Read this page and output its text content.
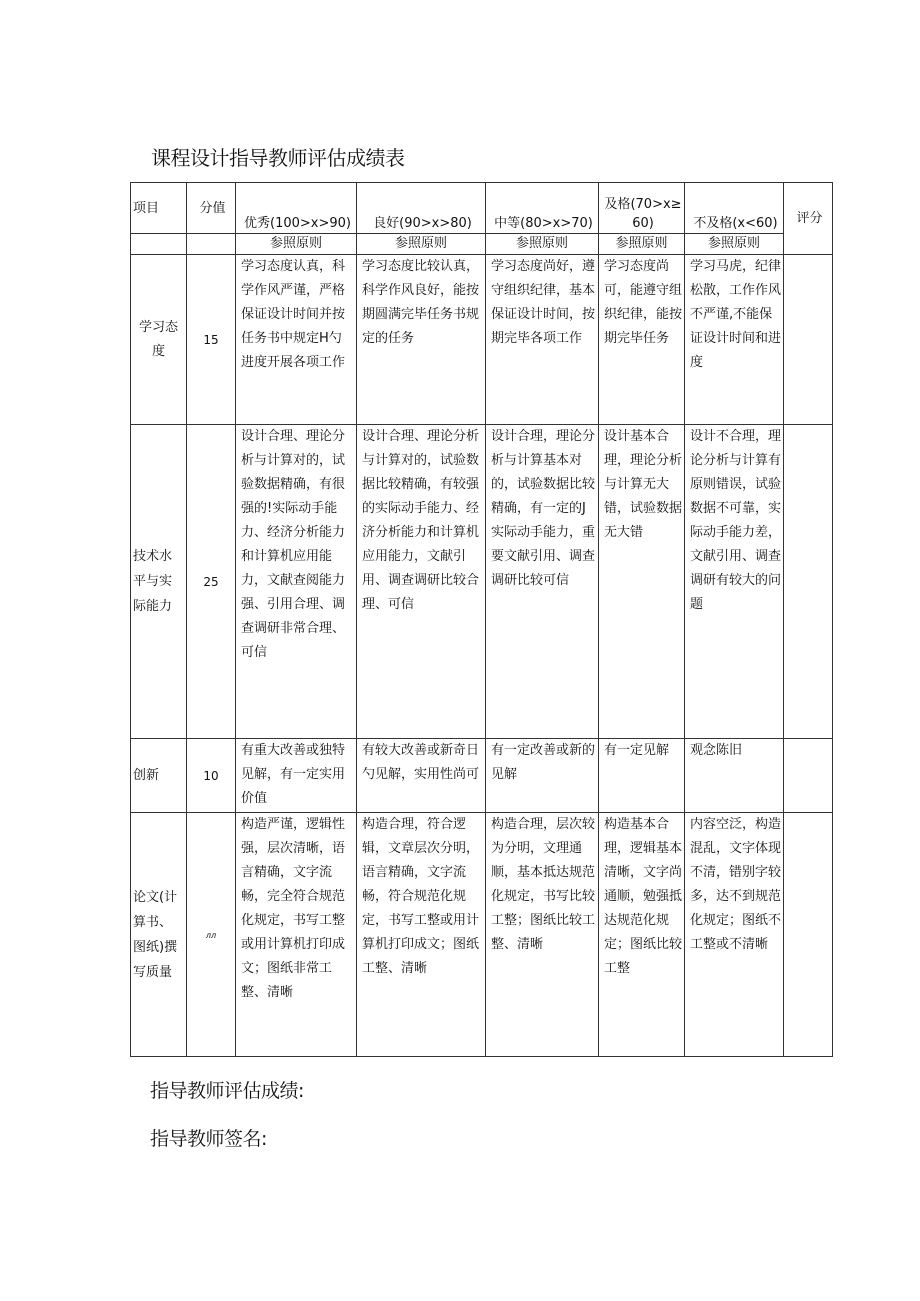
课程设计指导教师评估成绩表
项目	分值	优秀(100>x>90)	良好(90>x>80)	中等(80>x>70)	及格(70>x≥60)	不及格(x<60)	评分
		参照原则	参照原则	参照原则	参照原则	参照原则	
学习态度	15	学习态度认真，科学作风严谨，严格保证设计时间并按任务书中规定H勺进度开展各项工作	学习态度比较认真，科学作风良好，能按期圆满完毕任务书规定的任务	学习态度尚好，遵守组织纪律，基本保证设计时间，按期完毕各项工作	学习态度尚可，能遵守组织纪律，能按期完毕任务	学习马虎，纪律松散，工作作风不严谨,不能保证设计时间和进度	
技术水平与实际能力	25	设计合理、理论分析与计算对的，试验数据精确，有很强的!实际动手能力、经济分析能力和计算机应用能力，文献查阅能力强、引用合理、调查调研非常合理、可信	设计合理、理论分析与计算对的，试验数据比较精确，有较强的实际动手能力、经济分析能力和计算机应用能力，文献引用、调查调研比较合理、可信	设计合理，理论分析与计算基本对的，试验数据比较精确，有一定的J实际动手能力，重要文献引用、调查调研比较可信	设计基本合理，理论分析与计算无大错，试验数据无大错	设计不合理，理论分析与计算有原则错误，试验数据不可靠，实际动手能力差，文献引用、调查调研有较大的问题	
创新	10	有重大改善或独特见解，有一定实用价值	有较大改善或新奇日勺见解，实用性尚可	有一定改善或新的见解	有一定见解	观念陈旧	
论文(计算书、图纸)撰写质量	лл	构造严谨，逻辑性强，层次清晰，语言精确，文字流畅，完全符合规范化规定，书写工整或用计算机打印成文；图纸非常工整、清晰	构造合理，符合逻辑，文章层次分明，语言精确，文字流畅，符合规范化规定，书写工整或用计算机打印成文；图纸工整、清晰	构造合理，层次较为分明，文理通顺，基本抵达规范化规定，书写比较工整；图纸比较工整、清晰	构造基本合理，逻辑基本清晰，文字尚通顺，勉强抵达规范化规定；图纸比较工整	内容空泛，构造混乱，文字体现不清，错别字较多，达不到规范化规定；图纸不工整或不清晰	

指导教师评估成绩:

指导教师签名:
